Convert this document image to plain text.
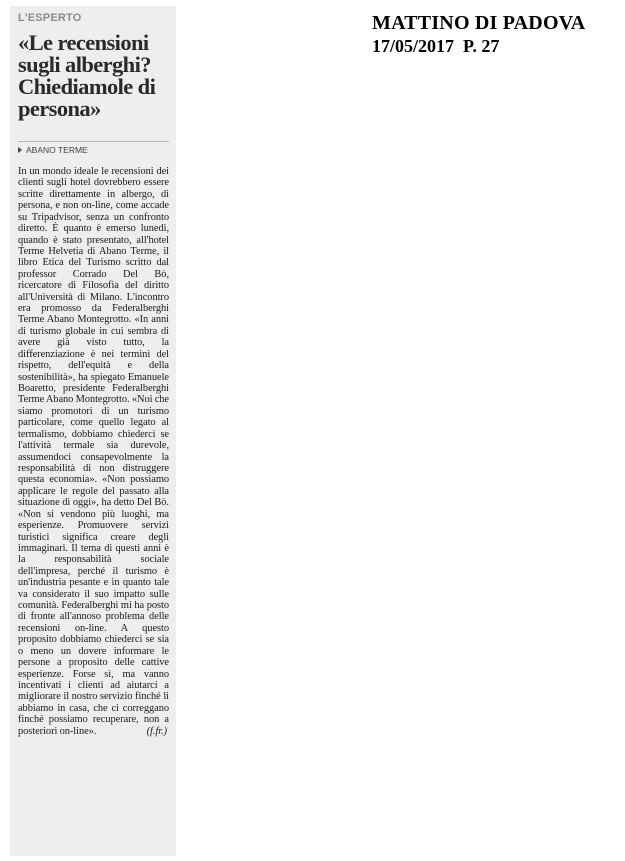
MATTINO DI PADOVA
17/05/2017 P. 27
L'ESPERTO
«Le recensioni sugli alberghi? Chiediamole di persona»
ABANO TERME

In un mondo ideale le recensioni dei clienti sugli hotel dovrebbero essere scritte direttamente in albergo, di persona, e non on-line, come accade su Tripadvisor, senza un confronto diretto. È quanto è emerso lunedì, quando è stato presentato, all'hotel Terme Helvetia di Abano Terme, il libro Etica del Turismo scritto dal professor Corrado Del Bò, ricercatore di Filosofia del diritto all'Università di Milano. L'incontro era promosso da Federalberghi Terme Abano Montegrotto. «In anni di turismo globale in cui sembra di avere già visto tutto, la differenziazione è nei termini del rispetto, dell'equità e della sostenibilità», ha spiegato Emanuele Boaretto, presidente Federalberghi Terme Abano Montegrotto. «Noi che siamo promotori di un turismo particolare, come quello legato al termalismo, dobbiamo chiederci se l'attività termale sia durevole, assumendoci consapevolmente la responsabilità di non distruggere questa economia». «Non possiamo applicare le regole del passato alla situazione di oggi», ha detto Del Bò. «Non si vendono più luoghi, ma esperienze. Promuovere servizi turistici significa creare degli immaginari. Il tema di questi anni è la responsabilità sociale dell'impresa, perché il turismo è un'industria pesante e in quanto tale va considerato il suo impatto sulle comunità. Federalberghi mi ha posto di fronte all'annoso problema delle recensioni on-line. A questo proposito dobbiamo chiederci se sia o meno un dovere informare le persone a proposito delle cattive esperienze. Forse sì, ma vanno incentivati i clienti ad aiutarci a migliorare il nostro servizio finché li abbiamo in casa, che ci correggano finché possiamo recuperare, non a posteriori on-line».	(f.fr.)
